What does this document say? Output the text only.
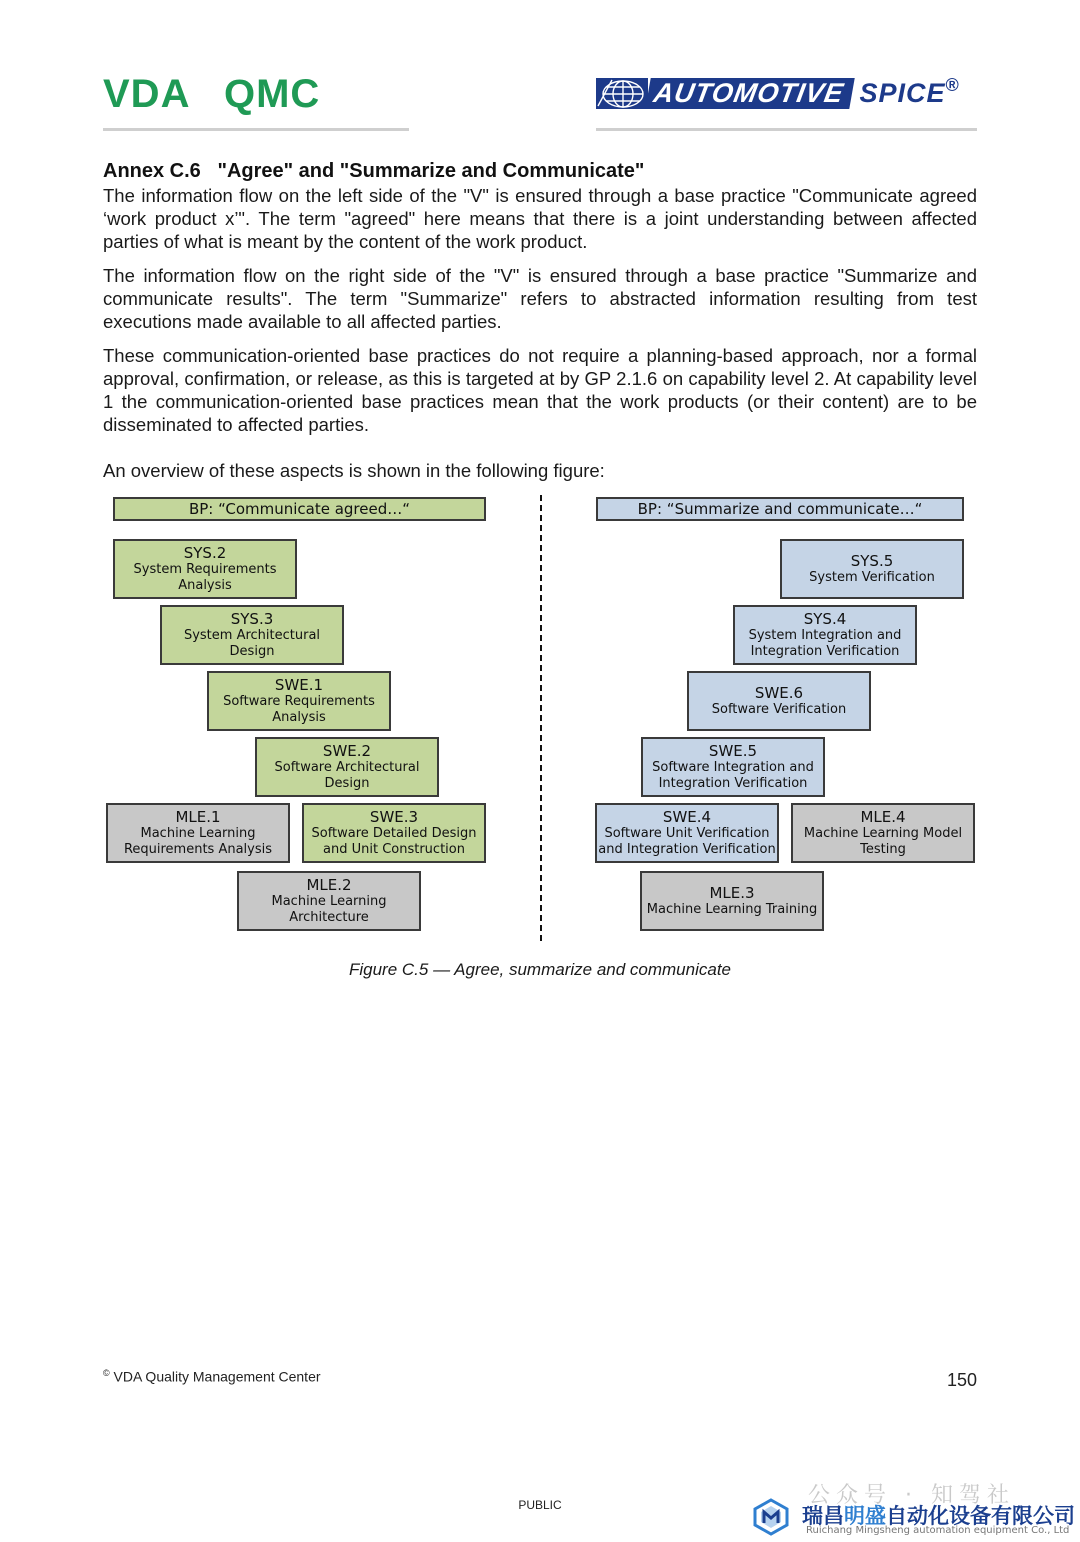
VDA QMC	AUTOMOTIVE SPICE ®
Annex C.6   "Agree" and "Summarize and Communicate"

The information flow on the left side of the "V" is ensured through a base practice "Communicate agreed ‘work product x’". The term "agreed" here means that there is a joint understanding between affected parties of what is meant by the content of the work product.

The information flow on the right side of the "V" is ensured through a base practice "Summarize and communicate results". The term "Summarize" refers to abstracted information resulting from test executions made available to all affected parties.

These communication-oriented base practices do not require a planning-based approach, nor a formal approval, confirmation, or release, as this is targeted at by GP 2.1.6 on capability level 2. At capability level 1 the communication-oriented base practices mean that the work products (or their content) are to be disseminated to affected parties.

An overview of these aspects is shown in the following figure:
BP: “Communicate agreed…“	BP: “Summarize and communicate…“
SYS.2
System Requirements
Analysis
SYS.3
System Architectural
Design
SWE.1
Software Requirements
Analysis
SWE.2
Software Architectural
Design
MLE.1
Machine Learning
Requirements Analysis
SWE.3
Software Detailed Design
and Unit Construction
MLE.2
Machine Learning
Architecture
SYS.5
System Verification
SYS.4
System Integration and
Integration Verification
SWE.6
Software Verification
SWE.5
Software Integration and
Integration Verification
SWE.4
Software Unit Verification
and Integration Verification
MLE.4
Machine Learning Model
Testing
MLE.3
Machine Learning Training
Figure C.5 — Agree, summarize and communicate
© VDA Quality Management Center	150
PUBLIC	公众号 · 知驾社
瑞昌明盛自动化设备有限公司
Ruichang Mingsheng automation equipment Co., Ltd
